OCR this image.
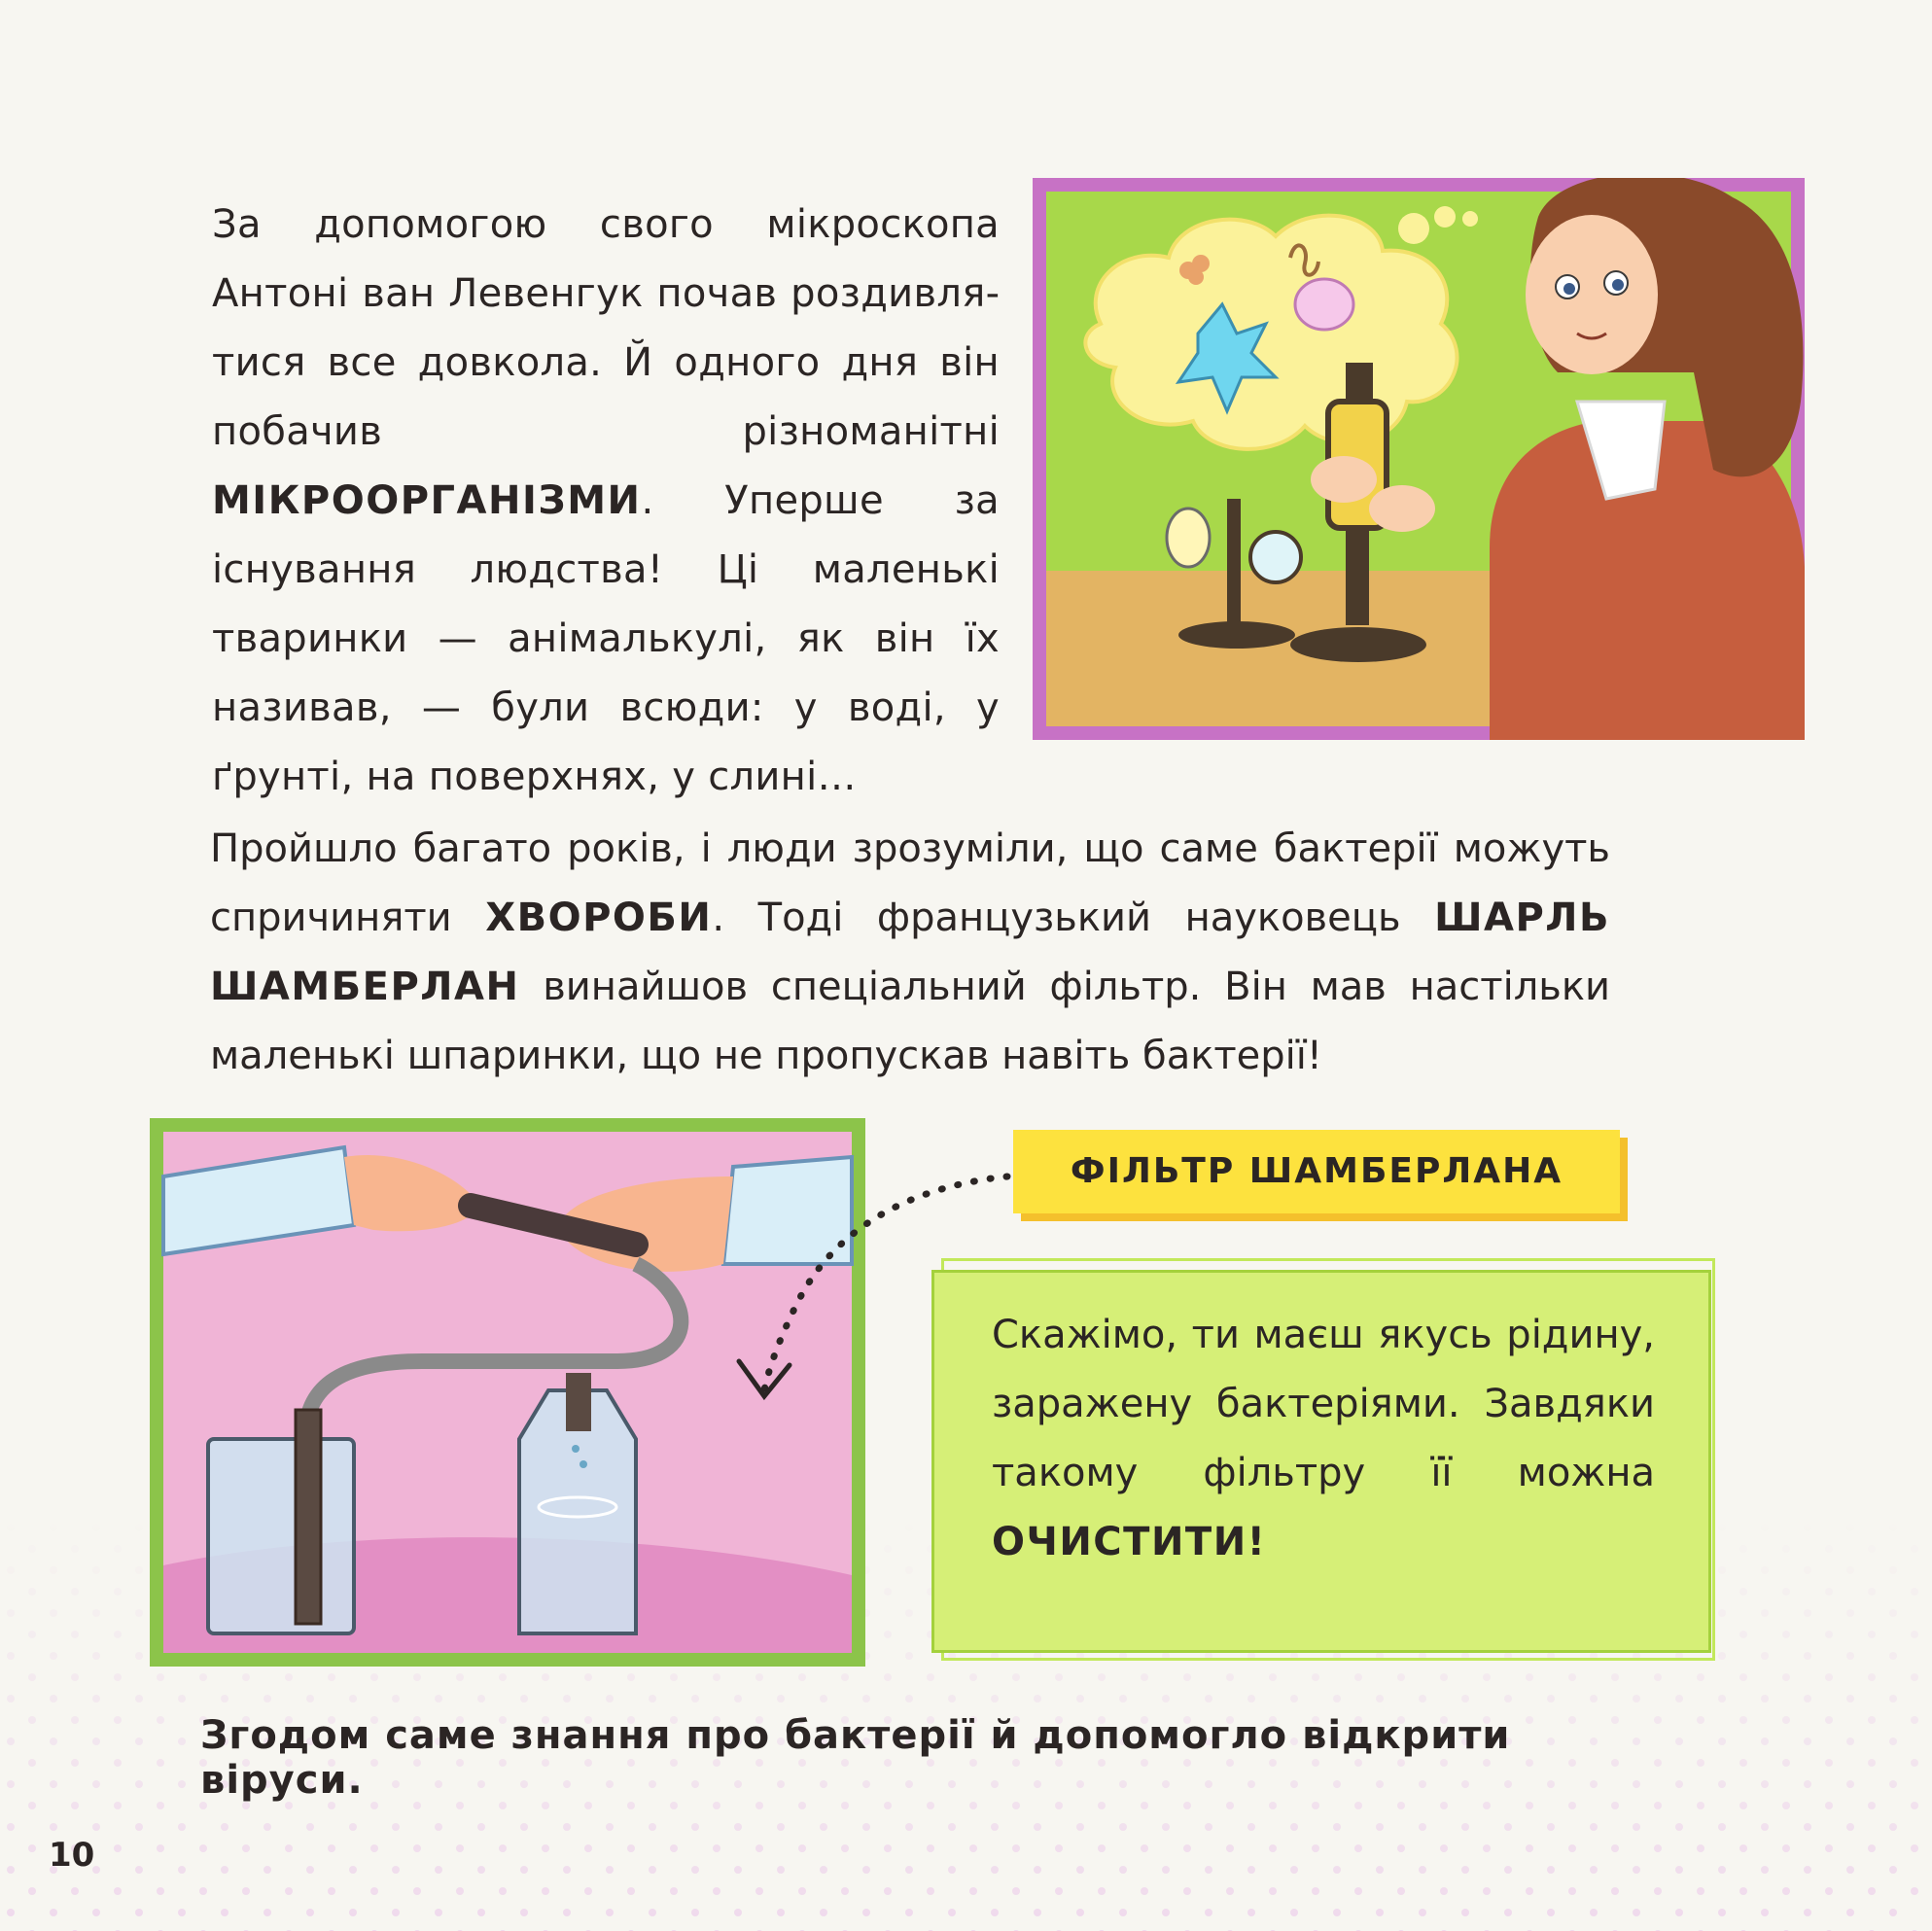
За допомогою свого мікроскопа Антоні ван Левенгук почав роздивлятися все довкола. Й одного дня він побачив різноманітні МІКРООРГАНІЗМИ. Уперше за існування людства! Ці маленькі тваринки — анімалькулі, як він їх називав, — були всюди: у воді, у ґрунті, на поверхнях, у слині…

Пройшло багато років, і люди зрозуміли, що саме бактерії можуть спричиняти ХВОРОБИ. Тоді французький науковець ШАРЛЬ ШАМБЕРЛАН винайшов спеціальний фільтр. Він мав настільки маленькі шпаринки, що не пропускав навіть бактерії!

ФІЛЬТР ШАМБЕРЛАНА

Скажімо, ти маєш якусь рідину, заражену бактеріями. Завдяки такому фільтру її можна ОЧИСТИТИ!

Згодом саме знання про бактерії й допомогло відкрити віруси.

10
